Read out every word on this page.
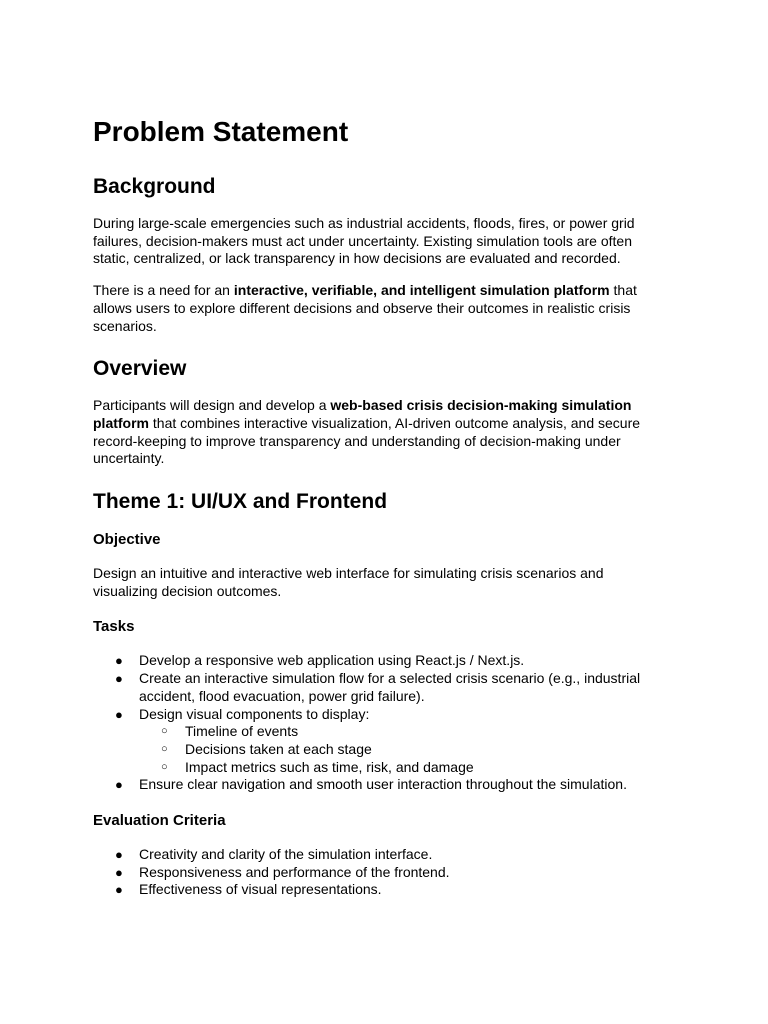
Problem Statement
Background

During large-scale emergencies such as industrial accidents, floods, fires, or power grid failures, decision-makers must act under uncertainty. Existing simulation tools are often static, centralized, or lack transparency in how decisions are evaluated and recorded.

There is a need for an interactive, verifiable, and intelligent simulation platform that allows users to explore different decisions and observe their outcomes in realistic crisis scenarios.

Overview

Participants will design and develop a web-based crisis decision-making simulation platform that combines interactive visualization, AI-driven outcome analysis, and secure record-keeping to improve transparency and understanding of decision-making under uncertainty.

Theme 1: UI/UX and Frontend
Objective

Design an intuitive and interactive web interface for simulating crisis scenarios and visualizing decision outcomes.

Tasks
● Develop a responsive web application using React.js / Next.js.
● Create an interactive simulation flow for a selected crisis scenario (e.g., industrial accident, flood evacuation, power grid failure).
● Design visual components to display:
○ Timeline of events
○ Decisions taken at each stage
○ Impact metrics such as time, risk, and damage
● Ensure clear navigation and smooth user interaction throughout the simulation.
Evaluation Criteria
● Creativity and clarity of the simulation interface.
● Responsiveness and performance of the frontend.
● Effectiveness of visual representations.
